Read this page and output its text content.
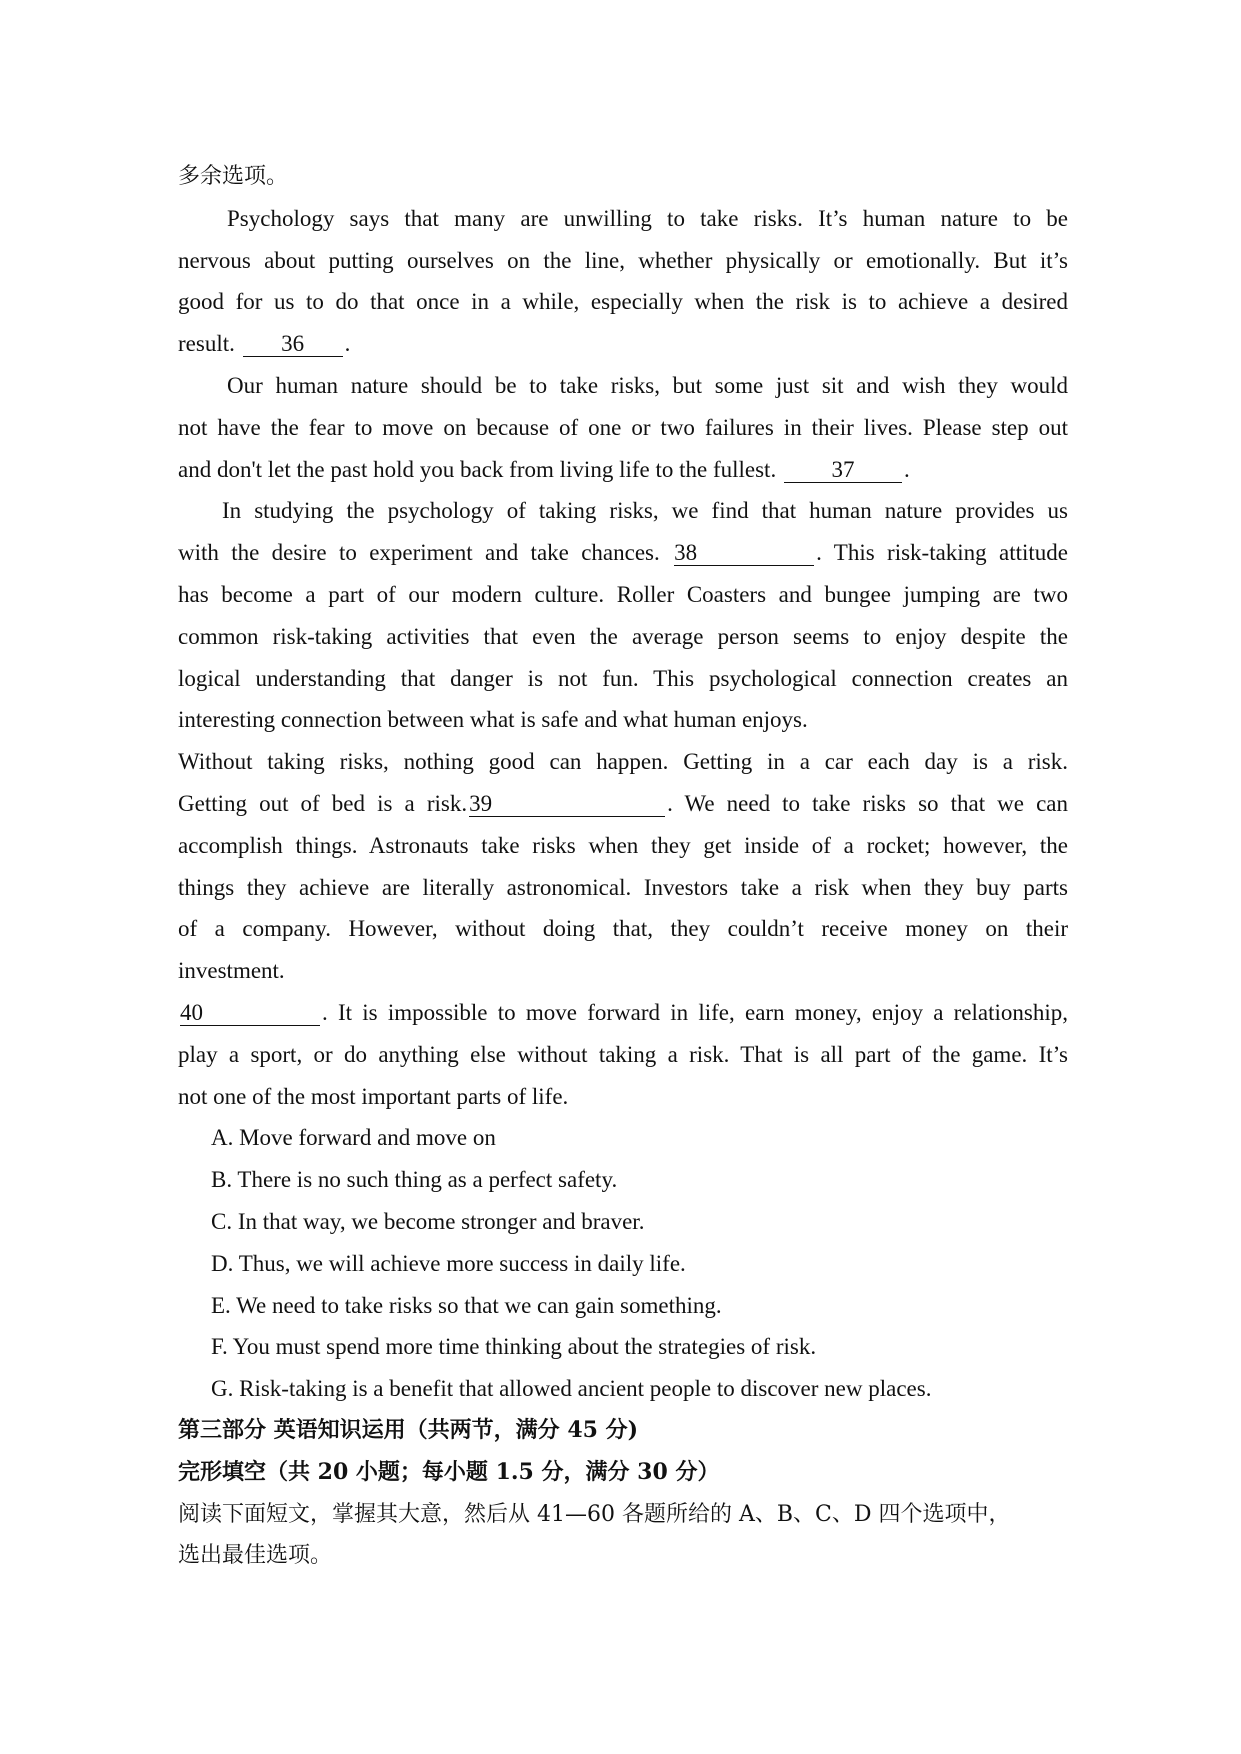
多余选项。
Psychology says that many are unwilling to take risks. It’s human nature to be
nervous about putting ourselves on the line, whether physically or emotionally. But it’s
good for us to do that once in a while, especially when the risk is to achieve a desired
result. 36 .
Our human nature should be to take risks, but some just sit and wish they would
not have the fear to move on because of one or two failures in their lives. Please step out
and don't let the past hold you back from living life to the fullest. 37 .
In studying the psychology of taking risks, we find that human nature provides us
with the desire to experiment and take chances. 38	. This risk-taking attitude
has become a part of our modern culture. Roller Coasters and bungee jumping are two
common risk-taking activities that even the average person seems to enjoy despite the
logical understanding that danger is not fun. This psychological connection creates an
interesting connection between what is safe and what human enjoys.
Without taking risks, nothing good can happen. Getting in a car each day is a risk.
Getting out of bed is a risk.39	. We need to take risks so that we can
accomplish things. Astronauts take risks when they get inside of a rocket; however, the
things they achieve are literally astronomical. Investors take a risk when they buy parts
of a company. However, without doing that, they couldn’t receive money on their
investment.
40	. It is impossible to move forward in life, earn money, enjoy a relationship,
play a sport, or do anything else without taking a risk. That is all part of the game. It’s
not one of the most important parts of life.
A. Move forward and move on
B. There is no such thing as a perfect safety.
C. In that way, we become stronger and braver.
D. Thus, we will achieve more success in daily life.
E. We need to take risks so that we can gain something.
F. You must spend more time thinking about the strategies of risk.
G. Risk-taking is a benefit that allowed ancient people to discover new places.
第三部分 英语知识运用（共两节，满分 45 分)
完形填空（共 20 小题；每小题 1.5 分，满分 30 分）
阅读下面短文，掌握其大意，然后从 41—60 各题所给的 A、B、C、D 四个选项中，
选出最佳选项。
